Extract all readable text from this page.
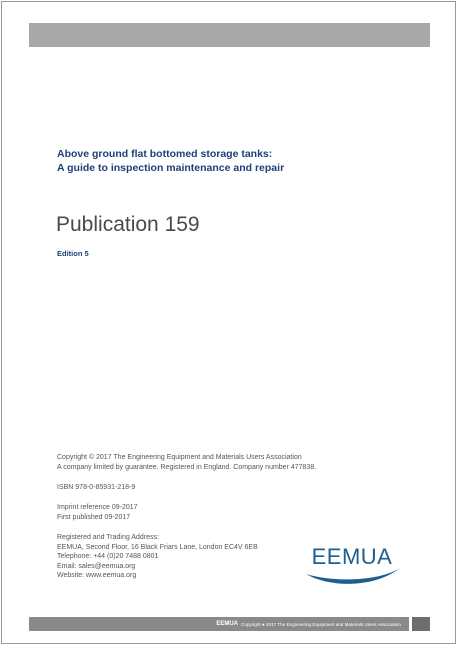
Above ground flat bottomed storage tanks:
A guide to inspection maintenance and repair
Publication 159
Edition 5
Copyright © 2017 The Engineering Equipment and Materials Users Association
A company limited by guarantee. Registered in England. Company number 477838.
ISBN 978-0-85931-218-9
Imprint reference 09-2017
First published 09-2017
Registered and Trading Address:
EEMUA, Second Floor, 16 Black Friars Lane, London EC4V 6EB
Telephone: +44 (0)20 7488 0801
Email: sales@eemua.org
Website: www.eemua.org
EEMUA
EEMUA Copyright ● 2017 The Engineering Equipment and Materials Users Association
